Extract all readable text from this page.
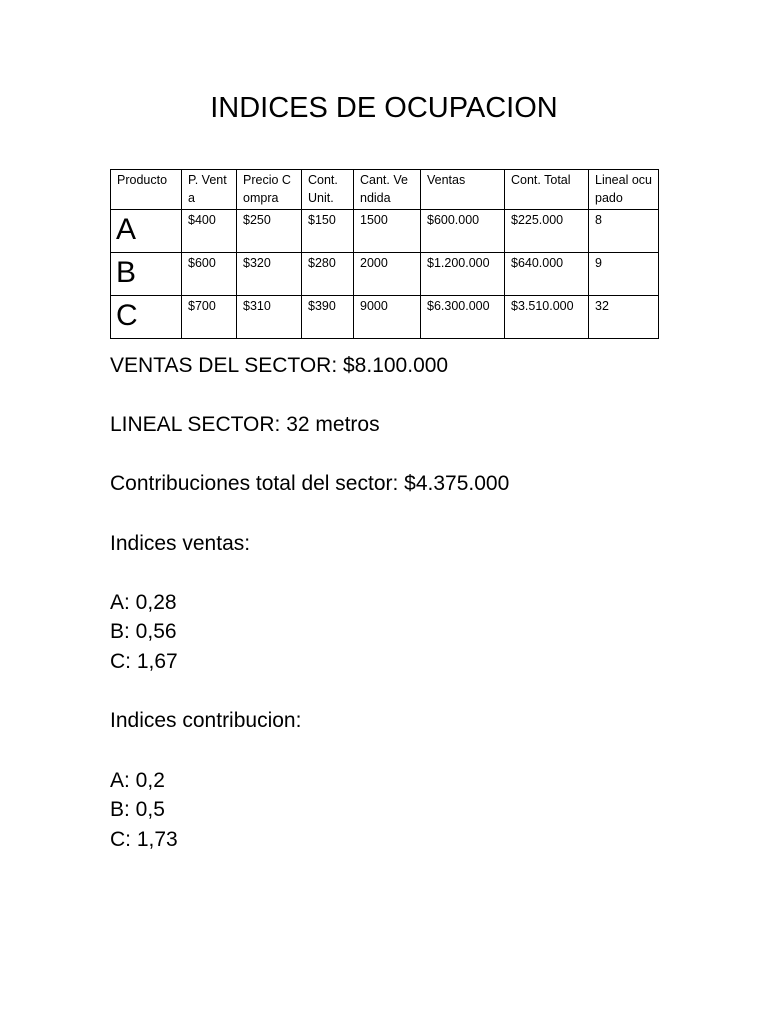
INDICES DE OCUPACION
Producto	P. Venta	Precio Compra	Cont. Unit.	Cant. Vendida	Ventas	Cont. Total	Lineal ocupado
A	$400	$250	$150	1500	$600.000	$225.000	8
B	$600	$320	$280	2000	$1.200.000	$640.000	9
C	$700	$310	$390	9000	$6.300.000	$3.510.000	32

VENTAS DEL SECTOR: $8.100.000

LINEAL SECTOR: 32 metros

Contribuciones total del sector: $4.375.000

Indices ventas:

A: 0,28

B: 0,56

C: 1,67

Indices contribucion:

A: 0,2

B: 0,5

C: 1,73
